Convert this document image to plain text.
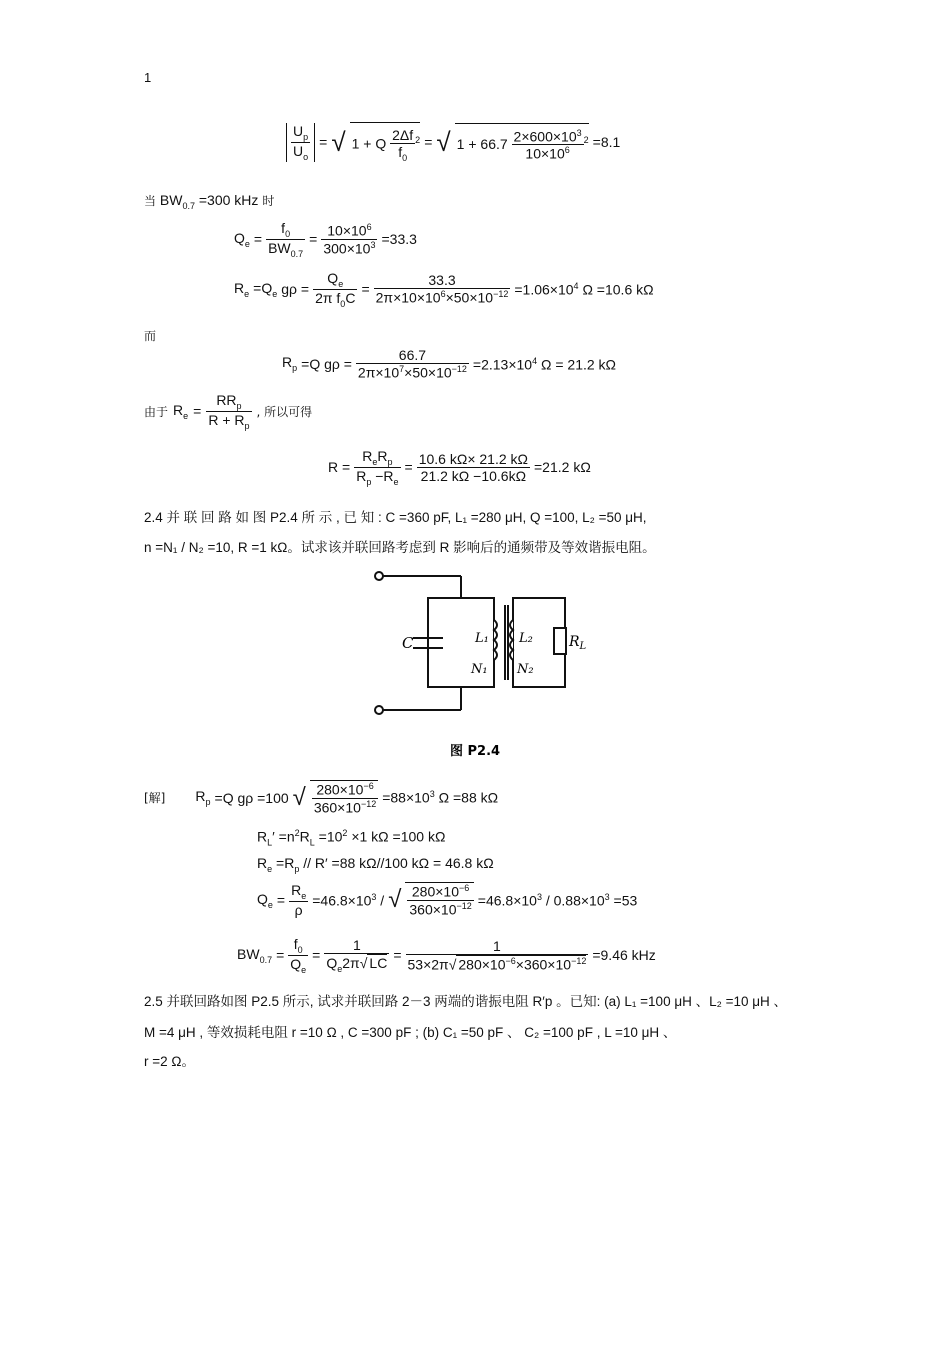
1
$\frac{U_p}{U_o}$ = √ 1 + Q $\frac{2\Delta f}{f_0} ^2$ = √ $1 + 66.7 \frac{2\times 600\times 10^3}{10\times 10^6} ^2 =8.1$
当 $BW_{0.7} =300$ kHz 时
$Q_e = \frac{f_0}{BW_{0.7}} = \frac{10\times 10^6}{300\times 10^3} =33.3$
$R_e =Q_e$ $g\rho = \frac{Q_e}{2\pi f_0C} = \frac{33.3}{2\pi\times 10\times 10^6\times 50\times 10^{-12}} =1.06\times 10^4$ Ω =10.6 kΩ
而
$R_p =Q$ $g\rho = \frac{66.7}{2\pi\times 10^7\times 50\times 10^{-12}} =2.13\times 10^4$ Ω = 21.2 kΩ
由于 $R_e = \frac{RR_p}{R + R_p}$ , 所以可得
$R = \frac{R_eR_p}{R_p -R_e} = \frac{10.6 k\Omega\times 21.2 k\Omega}{21.2 k\Omega -10.6k\Omega} =21.2$ kΩ
2.4 并 联 回 路 如 图 P2.4 所 示 , 已 知 : C =360 pF, L₁ =280 μH, Q =100, L₂ =50 μH,
n =N₁ / N₂ =10, R =1 kΩ。试求该并联回路考虑到 R 影响后的通频带及等效谐振电阻。
C	L₁ L₂
N₁ N₂
$R_L$
图 P2.4
[解] $R_p =Q$ gρ =100 √ $\frac{280\times 10^{-6}}{360\times 10^{-12}} =88\times 10^3$ Ω =88 kΩ
$R_L' =n^2R_L =10^2 \times 1$ kΩ =100 kΩ
$R_e =R_p // R' =88$ kΩ//100 kΩ = 46.8 kΩ
$Q_e = \frac{R_e}{\rho} =46.8\times 10^3$ / √ $\frac{280\times 10^{-6}}{360\times 10^{-12}} =46.8\times 10^3 / 0.88\times 10^3 =53$
$BW_{0.7} = \frac{f_0}{Q_e} = \frac{1}{Q_e2\pi√ LC} = \frac{1}{53\times 2\pi√ 280\times 10^{-6}\times 360\times 10^{-12}} =9.46$ kHz
2.5 并联回路如图 P2.5 所示, 试求并联回路 2－3 两端的谐振电阻 R′p 。已知: (a) L₁ =100 μH 、L₂ =10 μH 、
M =4 μH , 等效损耗电阻 r =10 Ω , C =300 pF ; (b) C₁ =50 pF 、 C₂ =100 pF , L =10 μH 、
r =2 Ω。
